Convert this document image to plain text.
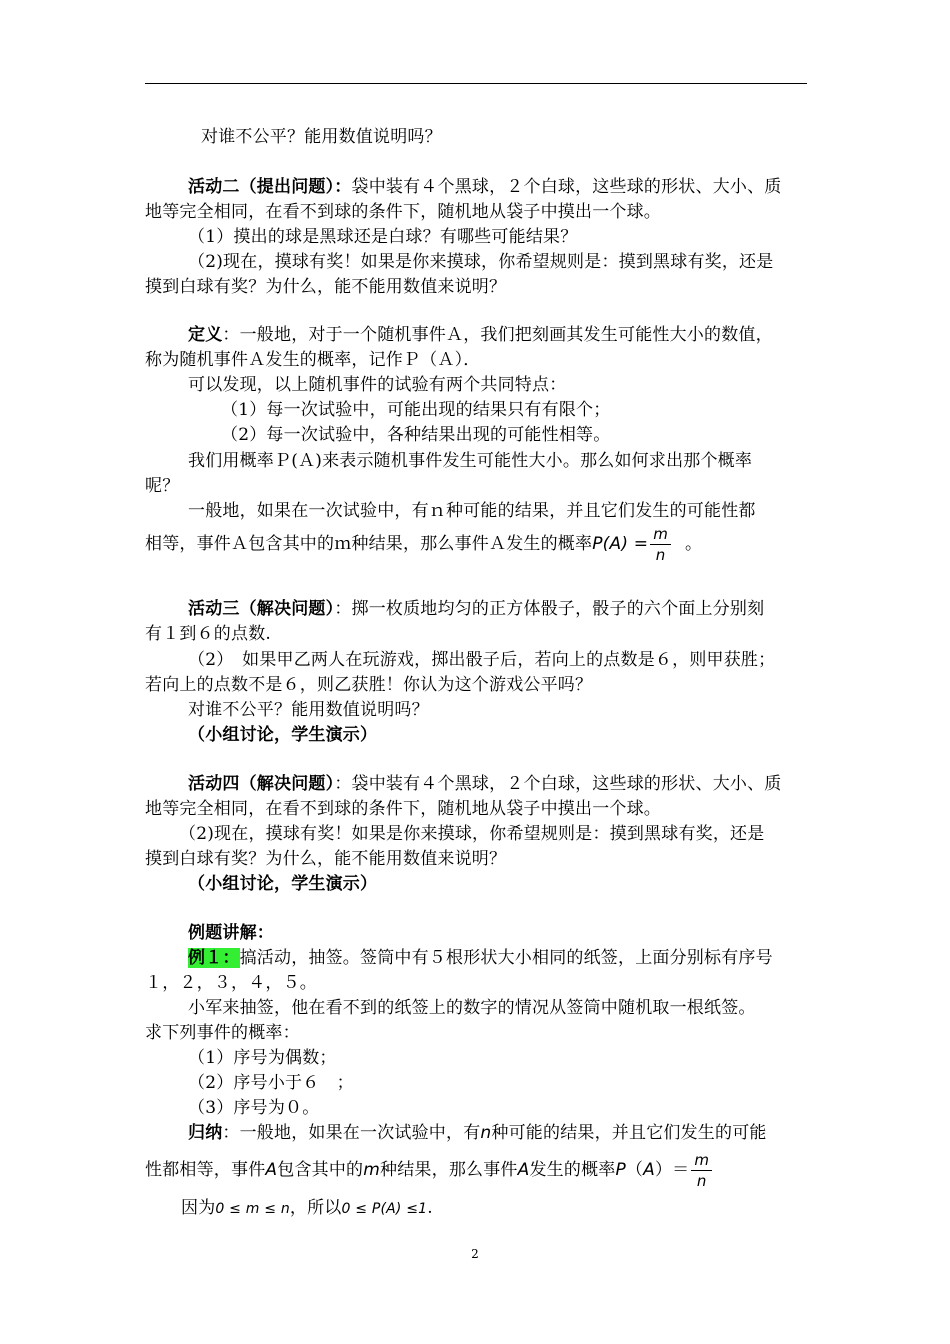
对谁不公平？能用数值说明吗？
活动二（提出问题）：袋中装有４个黑球，２个白球，这些球的形状、大小、质
地等完全相同，在看不到球的条件下，随机地从袋子中摸出一个球。
（1）摸出的球是黑球还是白球？有哪些可能结果？
（2)现在，摸球有奖！如果是你来摸球，你希望规则是：摸到黑球有奖，还是
摸到白球有奖？为什么，能不能用数值来说明？
定义：一般地，对于一个随机事件Ａ，我们把刻画其发生可能性大小的数值，
称为随机事件Ａ发生的概率，记作Ｐ（Ａ）．
可以发现，以上随机事件的试验有两个共同特点：
（1）每一次试验中，可能出现的结果只有有限个；
（2）每一次试验中，各种结果出现的可能性相等。
我们用概率Ｐ(Ａ)来表示随机事件发生可能性大小。那么如何求出那个概率
呢？
一般地，如果在一次试验中，有ｎ种可能的结果，并且它们发生的可能性都
相等，事件Ａ包含其中的ｍ种结果，那么事件Ａ发生的概率$P(A) = \frac{m}{n}$ 。
活动三（解决问题）：掷一枚质地均匀的正方体骰子，骰子的六个面上分别刻
有１到６的点数.
（2）　如果甲乙两人在玩游戏，掷出骰子后，若向上的点数是６，则甲获胜；
若向上的点数不是６，则乙获胜！你认为这个游戏公平吗？
对谁不公平？能用数值说明吗？
（小组讨论，学生演示）
活动四（解决问题）：袋中装有４个黑球，２个白球，这些球的形状、大小、质
地等完全相同，在看不到球的条件下，随机地从袋子中摸出一个球。
（2)现在，摸球有奖！如果是你来摸球，你希望规则是：摸到黑球有奖，还是
摸到白球有奖？为什么，能不能用数值来说明？
（小组讨论，学生演示）
例题讲解：
例１：搞活动，抽签。签筒中有５根形状大小相同的纸签，上面分别标有序号
１，２，３，４，５。
小军来抽签，他在看不到的纸签上的数字的情况从签筒中随机取一根纸签。
求下列事件的概率：
（1）序号为偶数；
（2）序号小于６　；
（3）序号为０。
归纳：一般地，如果在一次试验中，有n种可能的结果，并且它们发生的可能
性都相等，事件A包含其中的m种结果，那么事件A发生的概率$P(A)= \frac{m}{n}$
因为0 ≤ m ≤ n，所以0 ≤ P(A) ≤1.
2
